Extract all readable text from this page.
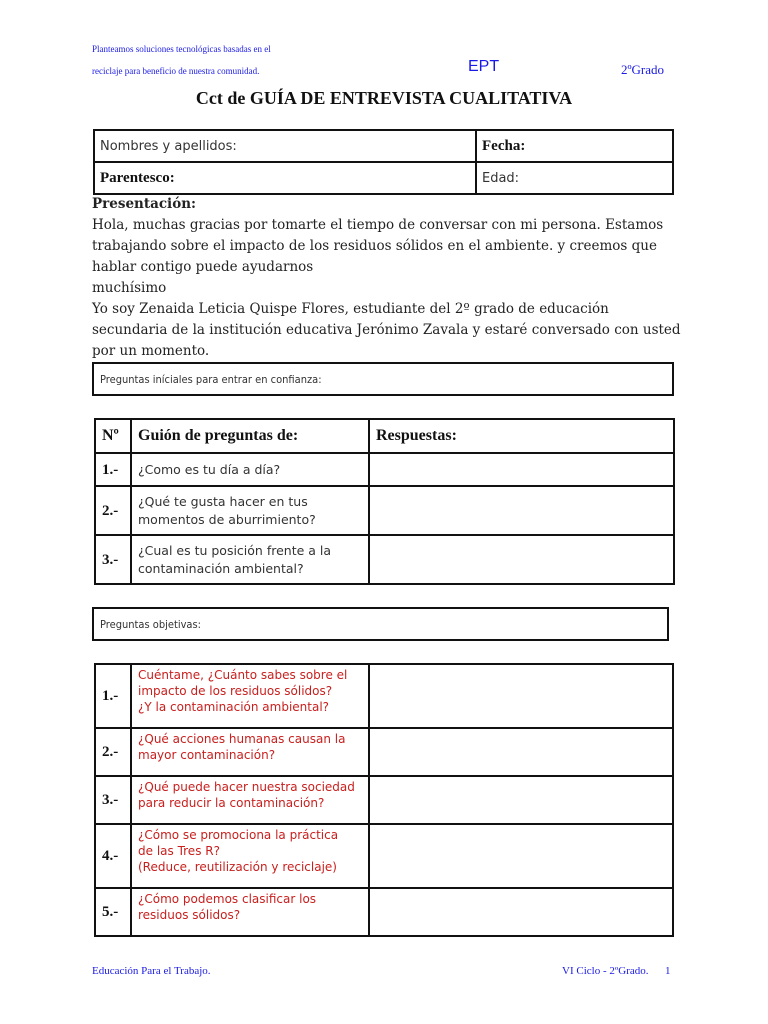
Planteamos soluciones tecnológicas basadas en el
reciclaje para beneficio de nuestra comunidad.	EPT	2ºGrado
Cct de GUÍA DE ENTREVISTA CUALITATIVA
Nombres y apellidos:	Fecha:
Parentesco:	Edad:
Presentación:
Hola, muchas gracias por tomarte el tiempo de conversar con mi persona. Estamos
trabajando sobre el impacto de los residuos sólidos en el ambiente. y creemos que
hablar contigo puede ayudarnos
muchísimo
Yo soy Zenaida Leticia Quispe Flores, estudiante del 2º grado de educación
secundaria de la institución educativa Jerónimo Zavala y estaré conversado con usted
por un momento.
Preguntas iníciales para entrar en confianza:
Nº	Guión de preguntas de:	Respuestas:
1.-	¿Como es tu día a día?	

2.-	¿Qué te gusta hacer en tus
momentos de aburrimiento?	

3.-	¿Cual es tu posición frente a la
contaminación ambiental?	

Preguntas objetivas:
1.-	Cuéntame, ¿Cuánto sabes sobre el
impacto de los residuos sólidos?
¿Y la contaminación ambiental?	

2.-	¿Qué acciones humanas causan la
mayor contaminación?	

3.-	¿Qué puede hacer nuestra sociedad
para reducir la contaminación?	

4.-	¿Cómo se promociona la práctica
de las Tres R?
(Reduce, reutilización y reciclaje)	

5.-	¿Cómo podemos clasificar los
residuos sólidos?	

Educación Para el Trabajo.	VI Ciclo - 2ºGrado. 1
